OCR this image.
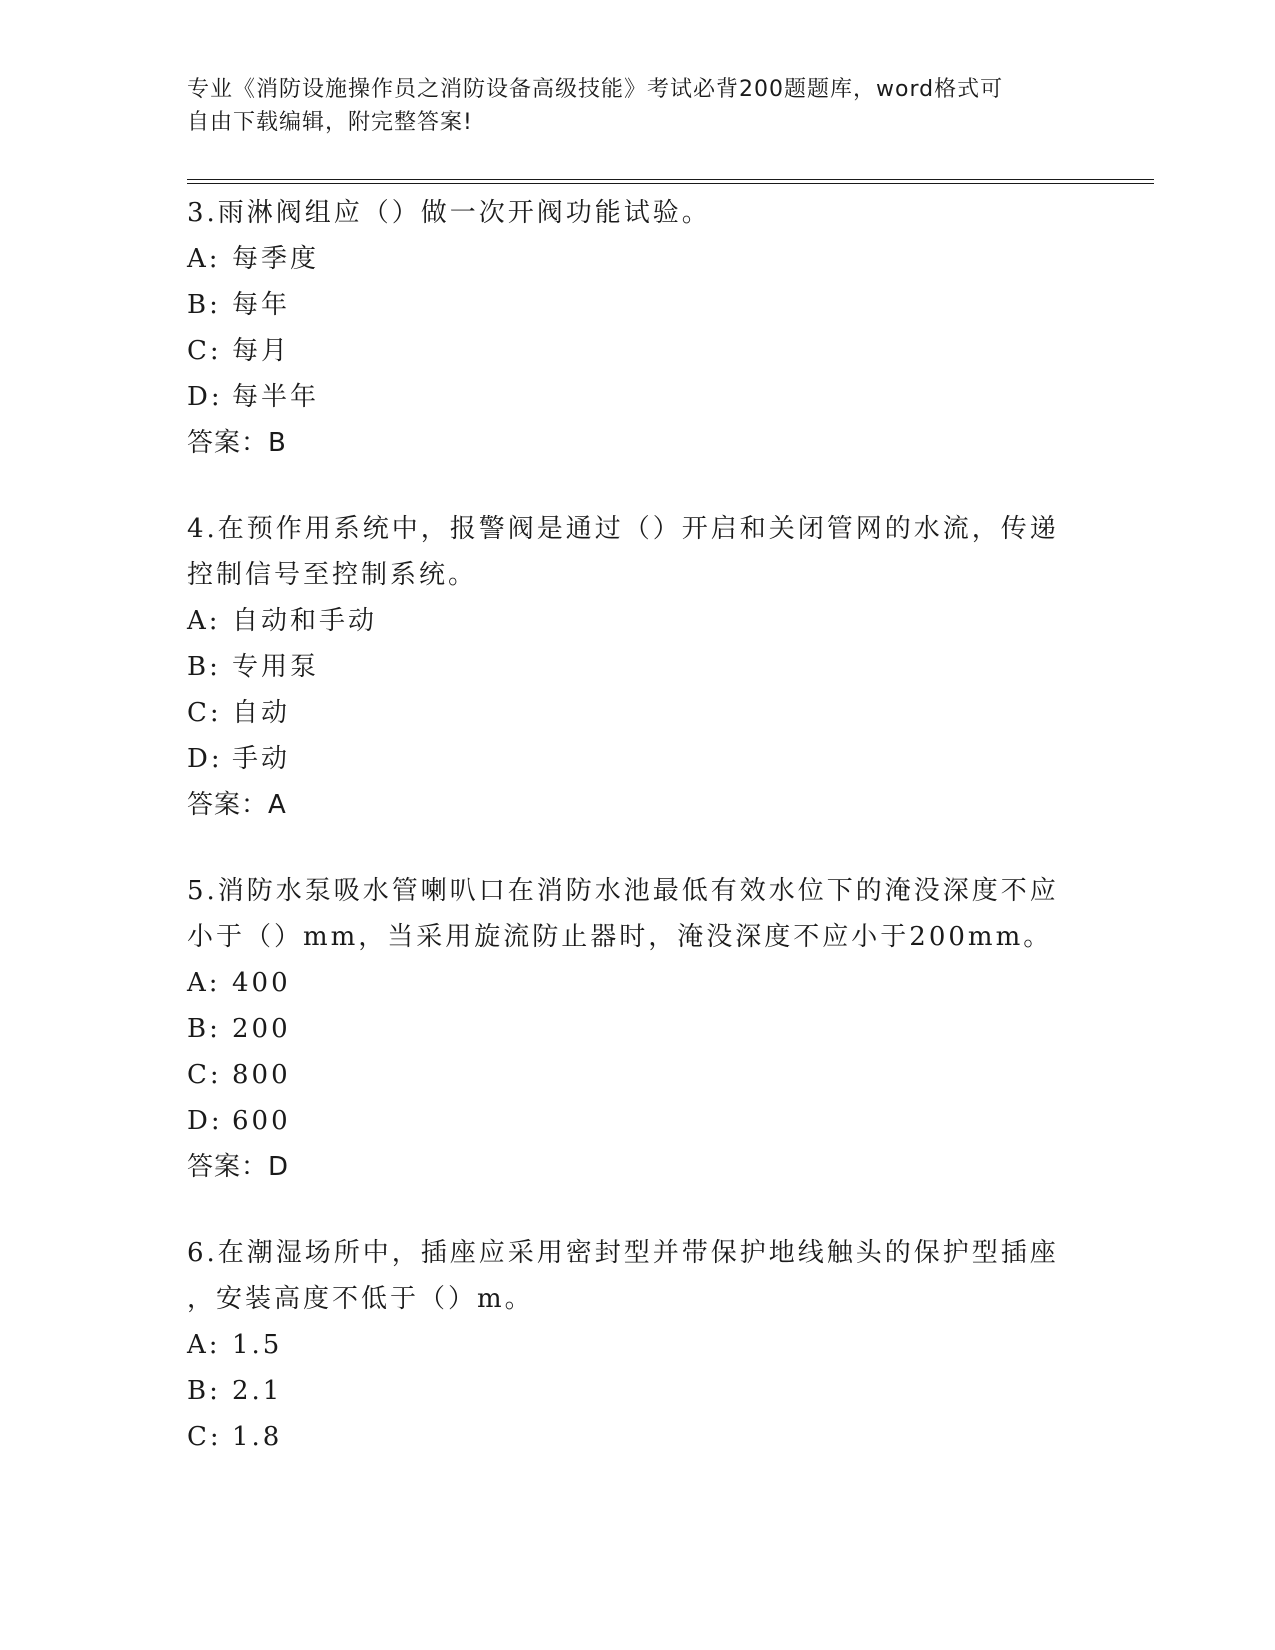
专业《消防设施操作员之消防设备高级技能》考试必背200题题库，word格式可
自由下载编辑，附完整答案!

3.雨淋阀组应（）做一次开阀功能试验。

A: 每季度

B: 每年

C: 每月

D: 每半年

答案：B

4.在预作用系统中，报警阀是通过（）开启和关闭管网的水流，传递

控制信号至控制系统。

A: 自动和手动

B: 专用泵

C: 自动

D: 手动

答案：A

5.消防水泵吸水管喇叭口在消防水池最低有效水位下的淹没深度不应

小于（）mm，当采用旋流防止器时，淹没深度不应小于200mm。

A: 400

B: 200

C: 800

D: 600

答案：D

6.在潮湿场所中，插座应采用密封型并带保护地线触头的保护型插座

，安装高度不低于（）m。

A: 1.5

B: 2.1

C: 1.8
